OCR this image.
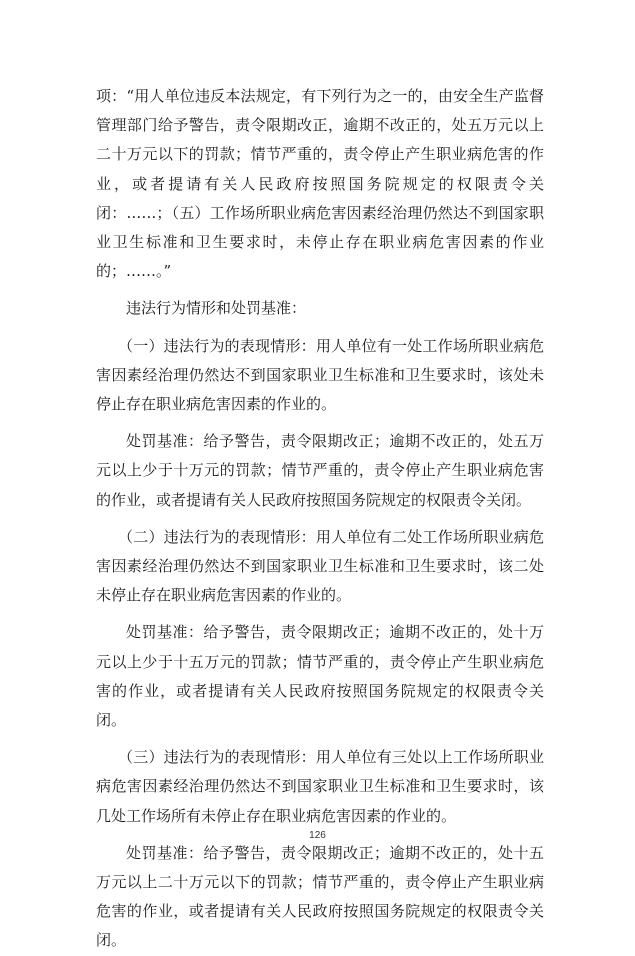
项：“用人单位违反本法规定，有下列行为之一的，由安全生产监督管理部门给予警告，责令限期改正，逾期不改正的，处五万元以上二十万元以下的罚款；情节严重的，责令停止产生职业病危害的作业，或者提请有关人民政府按照国务院规定的权限责令关闭：……；（五）工作场所职业病危害因素经治理仍然达不到国家职业卫生标准和卫生要求时，未停止存在职业病危害因素的作业的；……。”

违法行为情形和处罚基准：

（一）违法行为的表现情形：用人单位有一处工作场所职业病危害因素经治理仍然达不到国家职业卫生标准和卫生要求时，该处未停止存在职业病危害因素的作业的。

处罚基准：给予警告，责令限期改正；逾期不改正的，处五万元以上少于十万元的罚款；情节严重的，责令停止产生职业病危害的作业，或者提请有关人民政府按照国务院规定的权限责令关闭。

（二）违法行为的表现情形：用人单位有二处工作场所职业病危害因素经治理仍然达不到国家职业卫生标准和卫生要求时，该二处未停止存在职业病危害因素的作业的。

处罚基准：给予警告，责令限期改正；逾期不改正的，处十万元以上少于十五万元的罚款；情节严重的，责令停止产生职业病危害的作业，或者提请有关人民政府按照国务院规定的权限责令关闭。

（三）违法行为的表现情形：用人单位有三处以上工作场所职业病危害因素经治理仍然达不到国家职业卫生标准和卫生要求时，该几处工作场所有未停止存在职业病危害因素的作业的。

处罚基准：给予警告，责令限期改正；逾期不改正的，处十五万元以上二十万元以下的罚款；情节严重的，责令停止产生职业病危害的作业，或者提请有关人民政府按照国务院规定的权限责令关闭。

126
